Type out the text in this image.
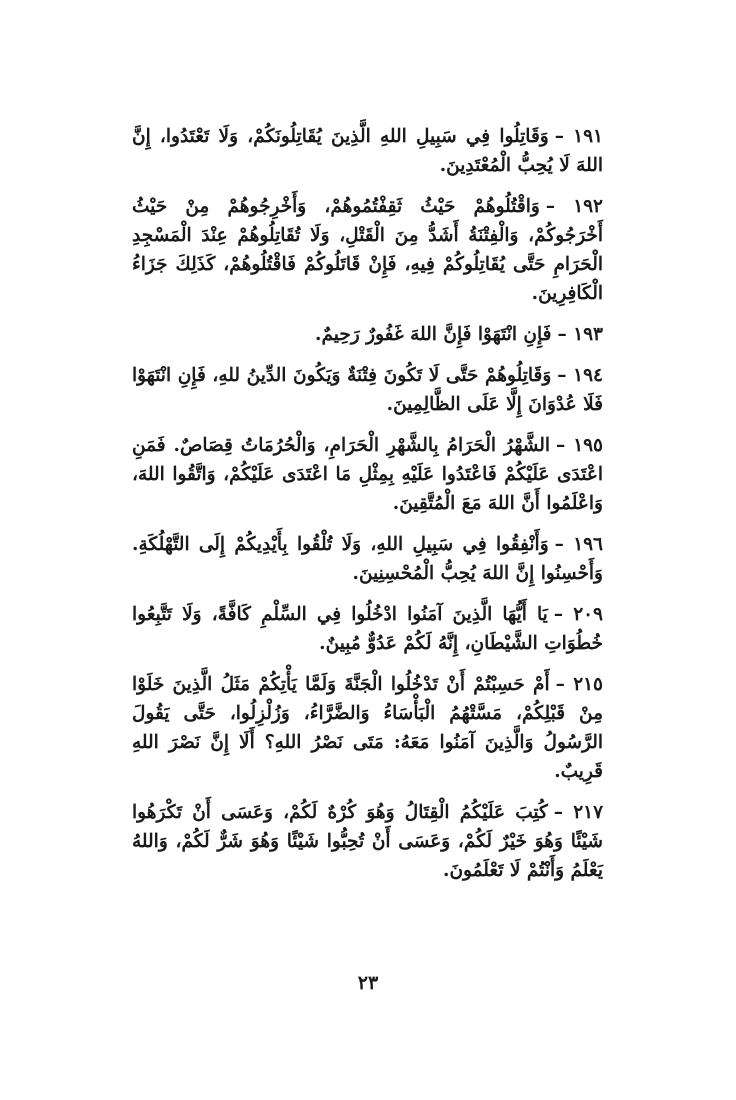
١٩١ –وَقَاتِلُوا فِي سَبِيلِ اللهِ الَّذِينَ يُقَاتِلُونَكُمْ، وَلَا تَعْتَدُوا، إِنَّ اللهَ لَا يُحِبُّ الْمُعْتَدِينَ.

١٩٢ –وَاقْتُلُوهُمْ حَيْثُ ثَقِفْتُمُوهُمْ، وَأَخْرِجُوهُمْ مِنْ حَيْثُ أَخْرَجُوكُمْ، وَالْفِتْنَةُ أَشَدُّ مِنَ الْقَتْلِ، وَلَا تُقَاتِلُوهُمْ عِنْدَ الْمَسْجِدِ الْحَرَامِ حَتَّى يُقَاتِلُوكُمْ فِيهِ، فَإِنْ قَاتَلُوكُمْ فَاقْتُلُوهُمْ، كَذَلِكَ جَزَاءُ الْكَافِرِينَ.

١٩٣ –فَإِنِ انْتَهَوْا فَإِنَّ اللهَ غَفُورٌ رَحِيمٌ.

١٩٤ –وَقَاتِلُوهُمْ حَتَّى لَا تَكُونَ فِتْنَةٌ وَيَكُونَ الدِّينُ للهِ، فَإِنِ انْتَهَوْا فَلَا عُدْوَانَ إِلَّا عَلَى الظَّالِمِينَ.

١٩٥ –الشَّهْرُ الْحَرَامُ بِالشَّهْرِ الْحَرَامِ، وَالْحُرُمَاتُ قِصَاصٌ. فَمَنِ اعْتَدَى عَلَيْكُمْ فَاعْتَدُوا عَلَيْهِ بِمِثْلِ مَا اعْتَدَى عَلَيْكُمْ، وَاتَّقُوا اللهَ، وَاعْلَمُوا أَنَّ اللهَ مَعَ الْمُتَّقِينَ.

١٩٦ –وَأَنْفِقُوا فِي سَبِيلِ اللهِ، وَلَا تُلْقُوا بِأَيْدِيكُمْ إِلَى التَّهْلُكَةِ. وَأَحْسِنُوا إِنَّ اللهَ يُحِبُّ الْمُحْسِنِينَ.

٢٠٩ –يَا أَيُّهَا الَّذِينَ آمَنُوا ادْخُلُوا فِي السِّلْمِ كَافَّةً، وَلَا تَتَّبِعُوا خُطُوَاتِ الشَّيْطَانِ، إِنَّهُ لَكُمْ عَدُوٌّ مُبِينٌ.

٢١٥ –أَمْ حَسِبْتُمْ أَنْ تَدْخُلُوا الْجَنَّةَ وَلَمَّا يَأْتِكُمْ مَثَلُ الَّذِينَ خَلَوْا مِنْ قَبْلِكُمْ، مَسَّتْهُمُ الْبَأْسَاءُ وَالضَّرَّاءُ، وَزُلْزِلُوا، حَتَّى يَقُولَ الرَّسُولُ وَالَّذِينَ آمَنُوا مَعَهُ: مَتَى نَصْرُ اللهِ؟ أَلَا إِنَّ نَصْرَ اللهِ قَرِيبٌ.

٢١٧ –كُتِبَ عَلَيْكُمُ الْقِتَالُ وَهُوَ كُرْهٌ لَكُمْ، وَعَسَى أَنْ تَكْرَهُوا شَيْئًا وَهُوَ خَيْرٌ لَكُمْ، وَعَسَى أَنْ تُحِبُّوا شَيْئًا وَهُوَ شَرٌّ لَكُمْ، وَاللهُ يَعْلَمُ وَأَنْتُمْ لَا تَعْلَمُونَ.

٢٣
